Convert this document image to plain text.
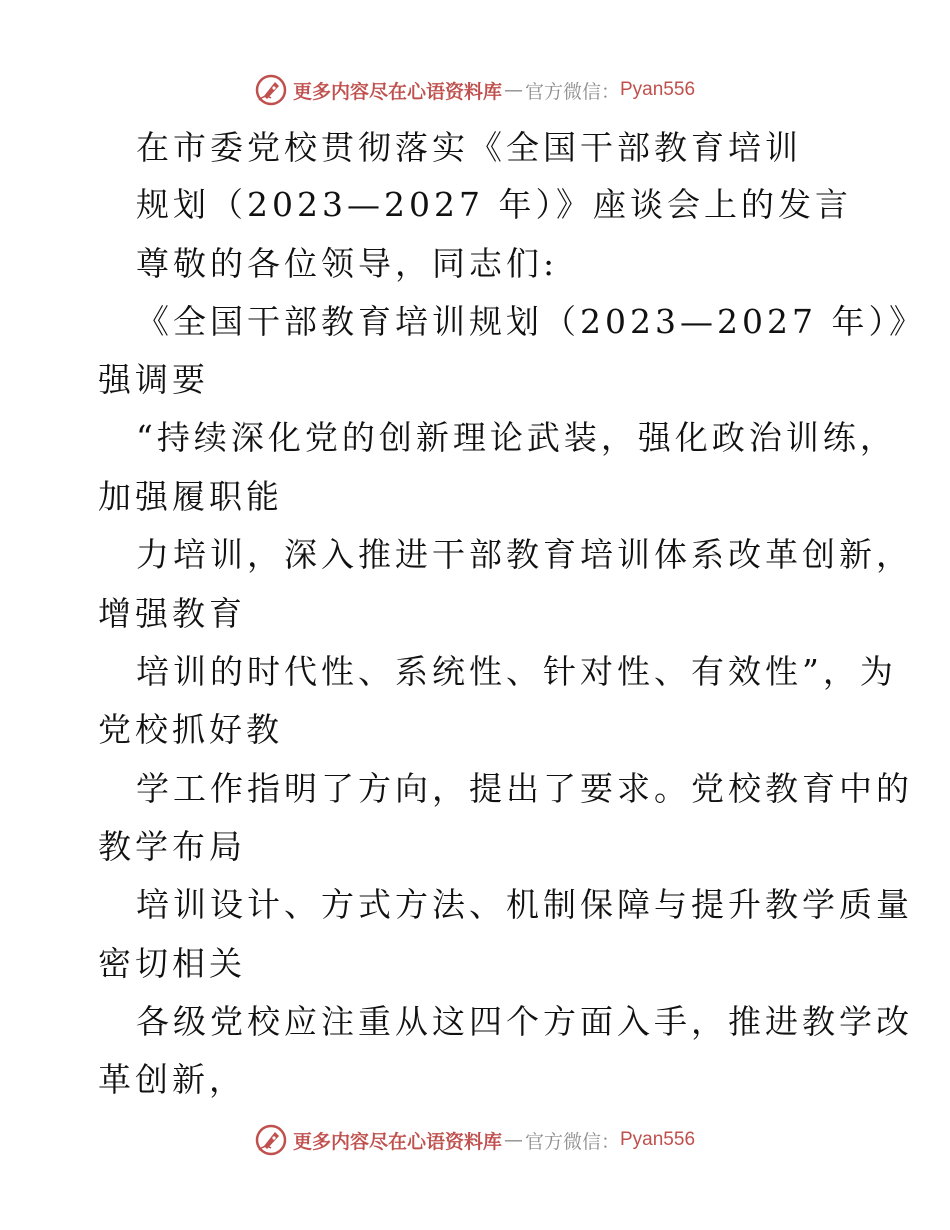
更多内容尽在心语资料库 — 官方微信： Pyan556
在市委党校贯彻落实《全国干部教育培训
规划（2023—2027 年）》座谈会上的发言
尊敬的各位领导，同志们:
《全国干部教育培训规划（2023—2027 年）》
强调要
“持续深化党的创新理论武装，强化政治训练，
加强履职能
力培训，深入推进干部教育培训体系改革创新，
增强教育
培训的时代性、系统性、针对性、有效性”，为
党校抓好教
学工作指明了方向，提出了要求。党校教育中的
教学布局
培训设计、方式方法、机制保障与提升教学质量
密切相关
各级党校应注重从这四个方面入手，推进教学改
革创新，
更多内容尽在心语资料库 — 官方微信： Pyan556
